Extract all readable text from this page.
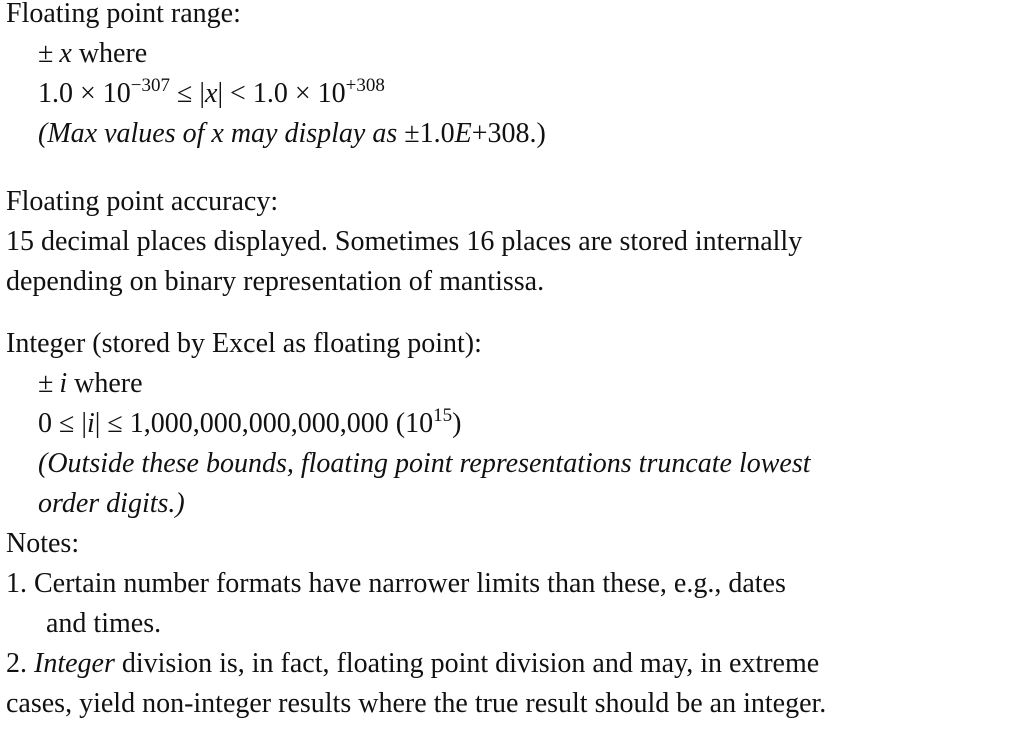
Floating point range:
± x where
$1.0 \times 10^{-307} \le |x| < 1.0 \times 10^{+308}$
(Max values of x may display as ±1.0E+308.)
Floating point accuracy:
15 decimal places displayed. Sometimes 16 places are stored internally
depending on binary representation of mantissa.
Integer (stored by Excel as floating point):
± i where
0 ≤ |i| ≤ 1,000,000,000,000,000 $(10^{15})$
(Outside these bounds, floating point representations truncate lowest
order digits.)
Notes:
1. Certain number formats have narrower limits than these, e.g., dates
and times.
2. Integer division is, in fact, floating point division and may, in extreme
cases, yield non-integer results where the true result should be an integer.
